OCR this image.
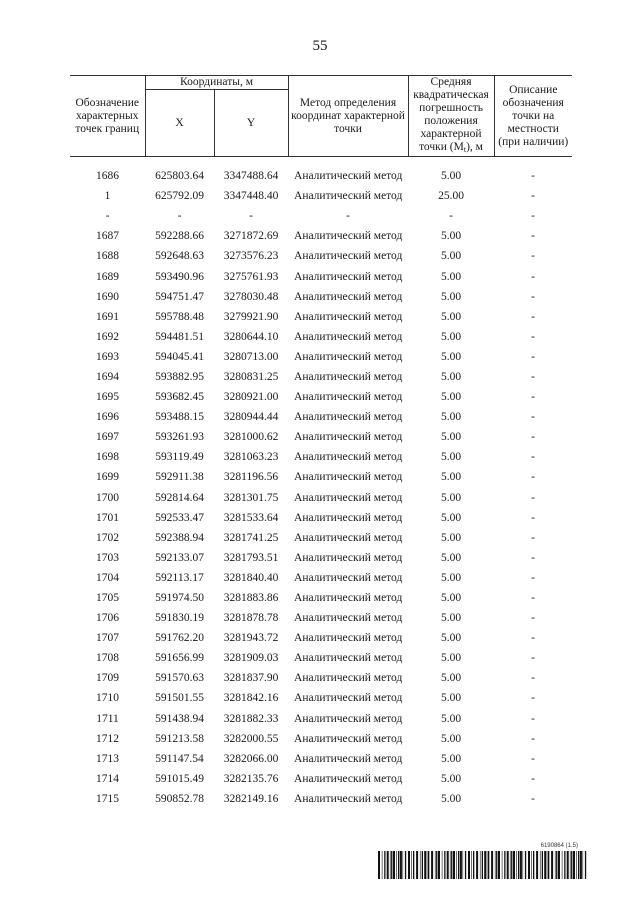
55
Обозначение характерных точек границ	Координаты, м		Метод определения координат характерной точки	Средняя квадратическая погрешность положения характерной точки $(M_t)$, м	Описание обозначения точки на местности (при наличии)
	X	Y			

1686	625803.64	3347488.64	Аналитический метод	5.00	-
1	625792.09	3347448.40	Аналитический метод	25.00	-
-	-	-	-	-	-
1687	592288.66	3271872.69	Аналитический метод	5.00	-
1688	592648.63	3273576.23	Аналитический метод	5.00	-
1689	593490.96	3275761.93	Аналитический метод	5.00	-
1690	594751.47	3278030.48	Аналитический метод	5.00	-
1691	595788.48	3279921.90	Аналитический метод	5.00	-
1692	594481.51	3280644.10	Аналитический метод	5.00	-
1693	594045.41	3280713.00	Аналитический метод	5.00	-
1694	593882.95	3280831.25	Аналитический метод	5.00	-
1695	593682.45	3280921.00	Аналитический метод	5.00	-
1696	593488.15	3280944.44	Аналитический метод	5.00	-
1697	593261.93	3281000.62	Аналитический метод	5.00	-
1698	593119.49	3281063.23	Аналитический метод	5.00	-
1699	592911.38	3281196.56	Аналитический метод	5.00	-
1700	592814.64	3281301.75	Аналитический метод	5.00	-
1701	592533.47	3281533.64	Аналитический метод	5.00	-
1702	592388.94	3281741.25	Аналитический метод	5.00	-
1703	592133.07	3281793.51	Аналитический метод	5.00	-
1704	592113.17	3281840.40	Аналитический метод	5.00	-
1705	591974.50	3281883.86	Аналитический метод	5.00	-
1706	591830.19	3281878.78	Аналитический метод	5.00	-
1707	591762.20	3281943.72	Аналитический метод	5.00	-
1708	591656.99	3281909.03	Аналитический метод	5.00	-
1709	591570.63	3281837.90	Аналитический метод	5.00	-
1710	591501.55	3281842.16	Аналитический метод	5.00	-
1711	591438.94	3281882.33	Аналитический метод	5.00	-
1712	591213.58	3282000.55	Аналитический метод	5.00	-
1713	591147.54	3282066.00	Аналитический метод	5.00	-
1714	591015.49	3282135.76	Аналитический метод	5.00	-
1715	590852.78	3282149.16	Аналитический метод	5.00	-
6190864 (1.5)
